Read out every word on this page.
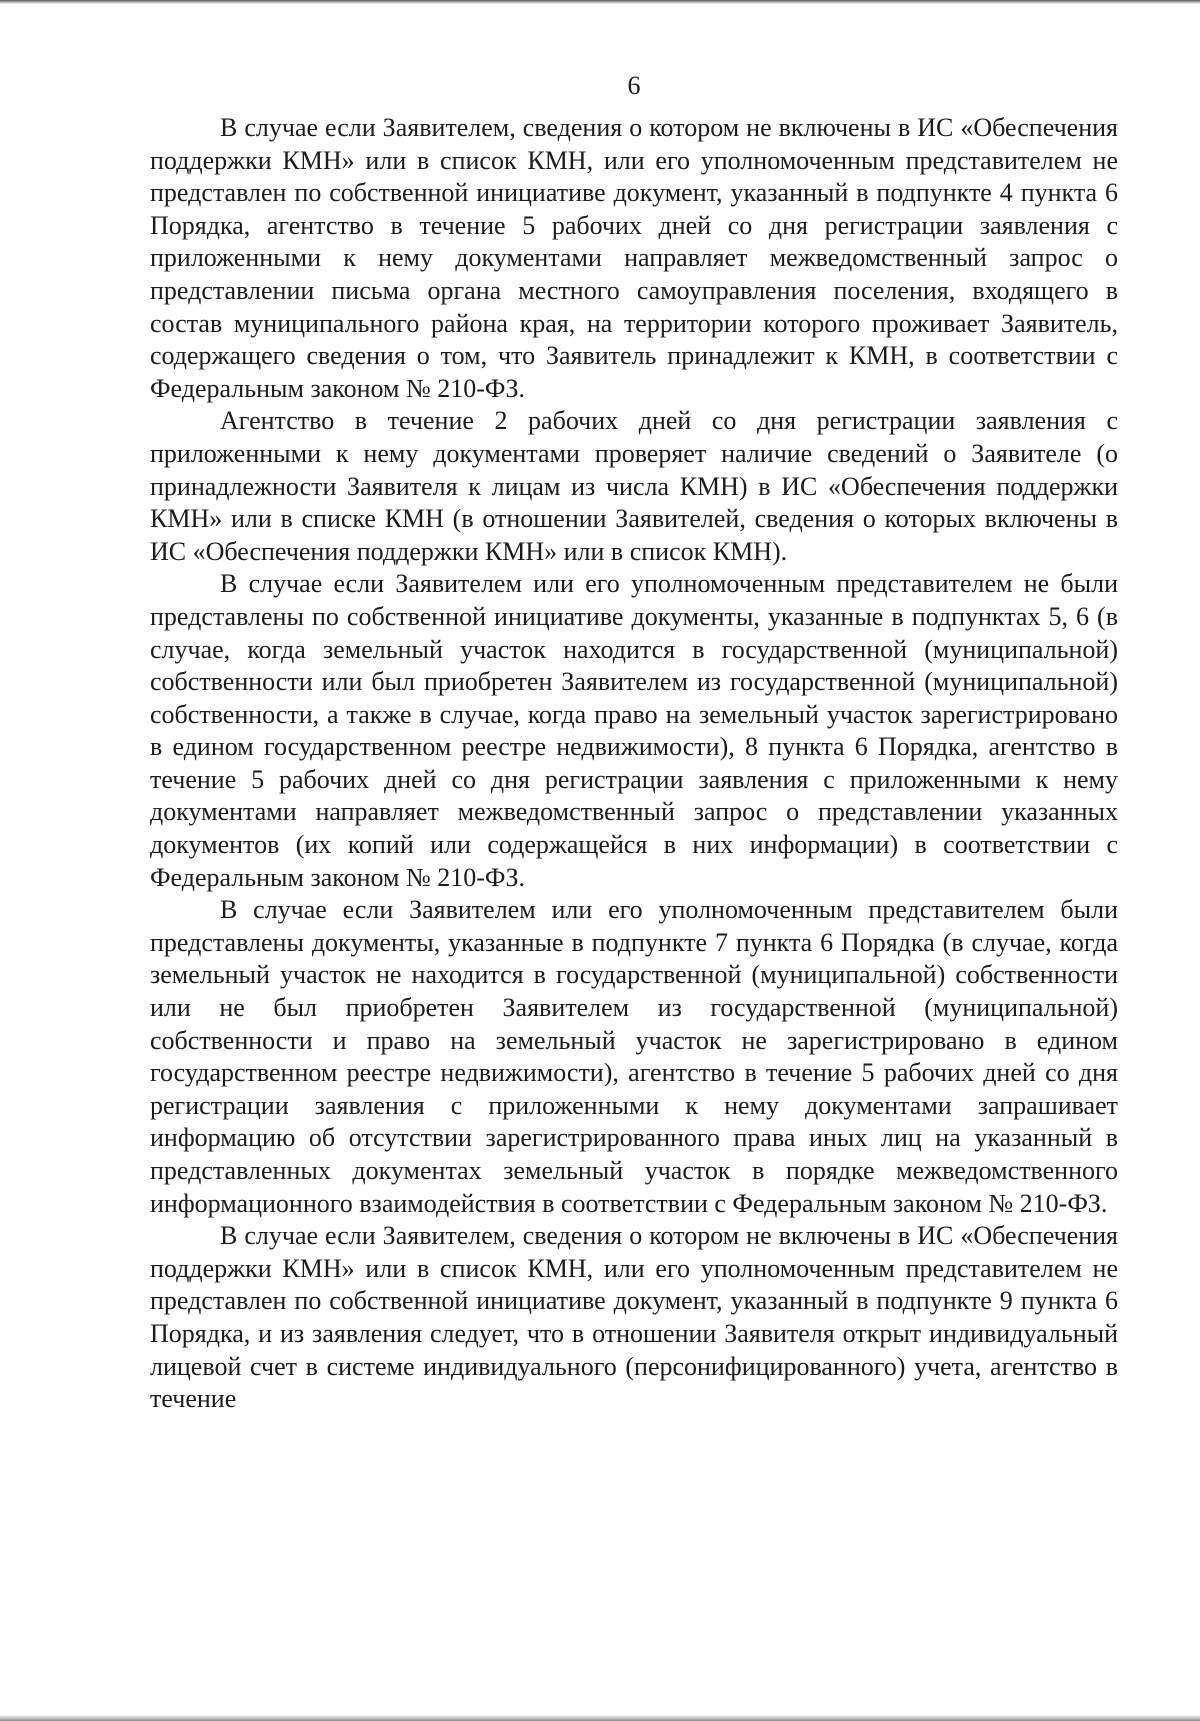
6

В случае если Заявителем, сведения о котором не включены в ИС «Обеспечения поддержки КМН» или в список КМН, или его уполномоченным представителем не представлен по собственной инициативе документ, указанный в подпункте 4 пункта 6 Порядка, агентство в течение 5 рабочих дней со дня регистрации заявления с приложенными к нему документами направляет межведомственный запрос о представлении письма органа местного самоуправления поселения, входящего в состав муниципального района края, на территории которого проживает Заявитель, содержащего сведения о том, что Заявитель принадлежит к КМН, в соответствии с Федеральным законом № 210-ФЗ.

Агентство в течение 2 рабочих дней со дня регистрации заявления с приложенными к нему документами проверяет наличие сведений о Заявителе (о принадлежности Заявителя к лицам из числа КМН) в ИС «Обеспечения поддержки КМН» или в списке КМН (в отношении Заявителей, сведения о которых включены в ИС «Обеспечения поддержки КМН» или в список КМН).

В случае если Заявителем или его уполномоченным представителем не были представлены по собственной инициативе документы, указанные в подпунктах 5, 6 (в случае, когда земельный участок находится в государственной (муниципальной) собственности или был приобретен Заявителем из государственной (муниципальной) собственности, а также в случае, когда право на земельный участок зарегистрировано в едином государственном реестре недвижимости), 8 пункта 6 Порядка, агентство в течение 5 рабочих дней со дня регистрации заявления с приложенными к нему документами направляет межведомственный запрос о представлении указанных документов (их копий или содержащейся в них информации) в соответствии с Федеральным законом № 210-ФЗ.

В случае если Заявителем или его уполномоченным представителем были представлены документы, указанные в подпункте 7 пункта 6 Порядка (в случае, когда земельный участок не находится в государственной (муниципальной) собственности или не был приобретен Заявителем из государственной (муниципальной) собственности и право на земельный участок не зарегистрировано в едином государственном реестре недвижимости), агентство в течение 5 рабочих дней со дня регистрации заявления с приложенными к нему документами запрашивает информацию об отсутствии зарегистрированного права иных лиц на указанный в представленных документах земельный участок в порядке межведомственного информационного взаимодействия в соответствии с Федеральным законом № 210-ФЗ.

В случае если Заявителем, сведения о котором не включены в ИС «Обеспечения поддержки КМН» или в список КМН, или его уполномоченным представителем не представлен по собственной инициативе документ, указанный в подпункте 9 пункта 6 Порядка, и из заявления следует, что в отношении Заявителя открыт индивидуальный лицевой счет в системе индивидуального (персонифицированного) учета, агентство в течение
